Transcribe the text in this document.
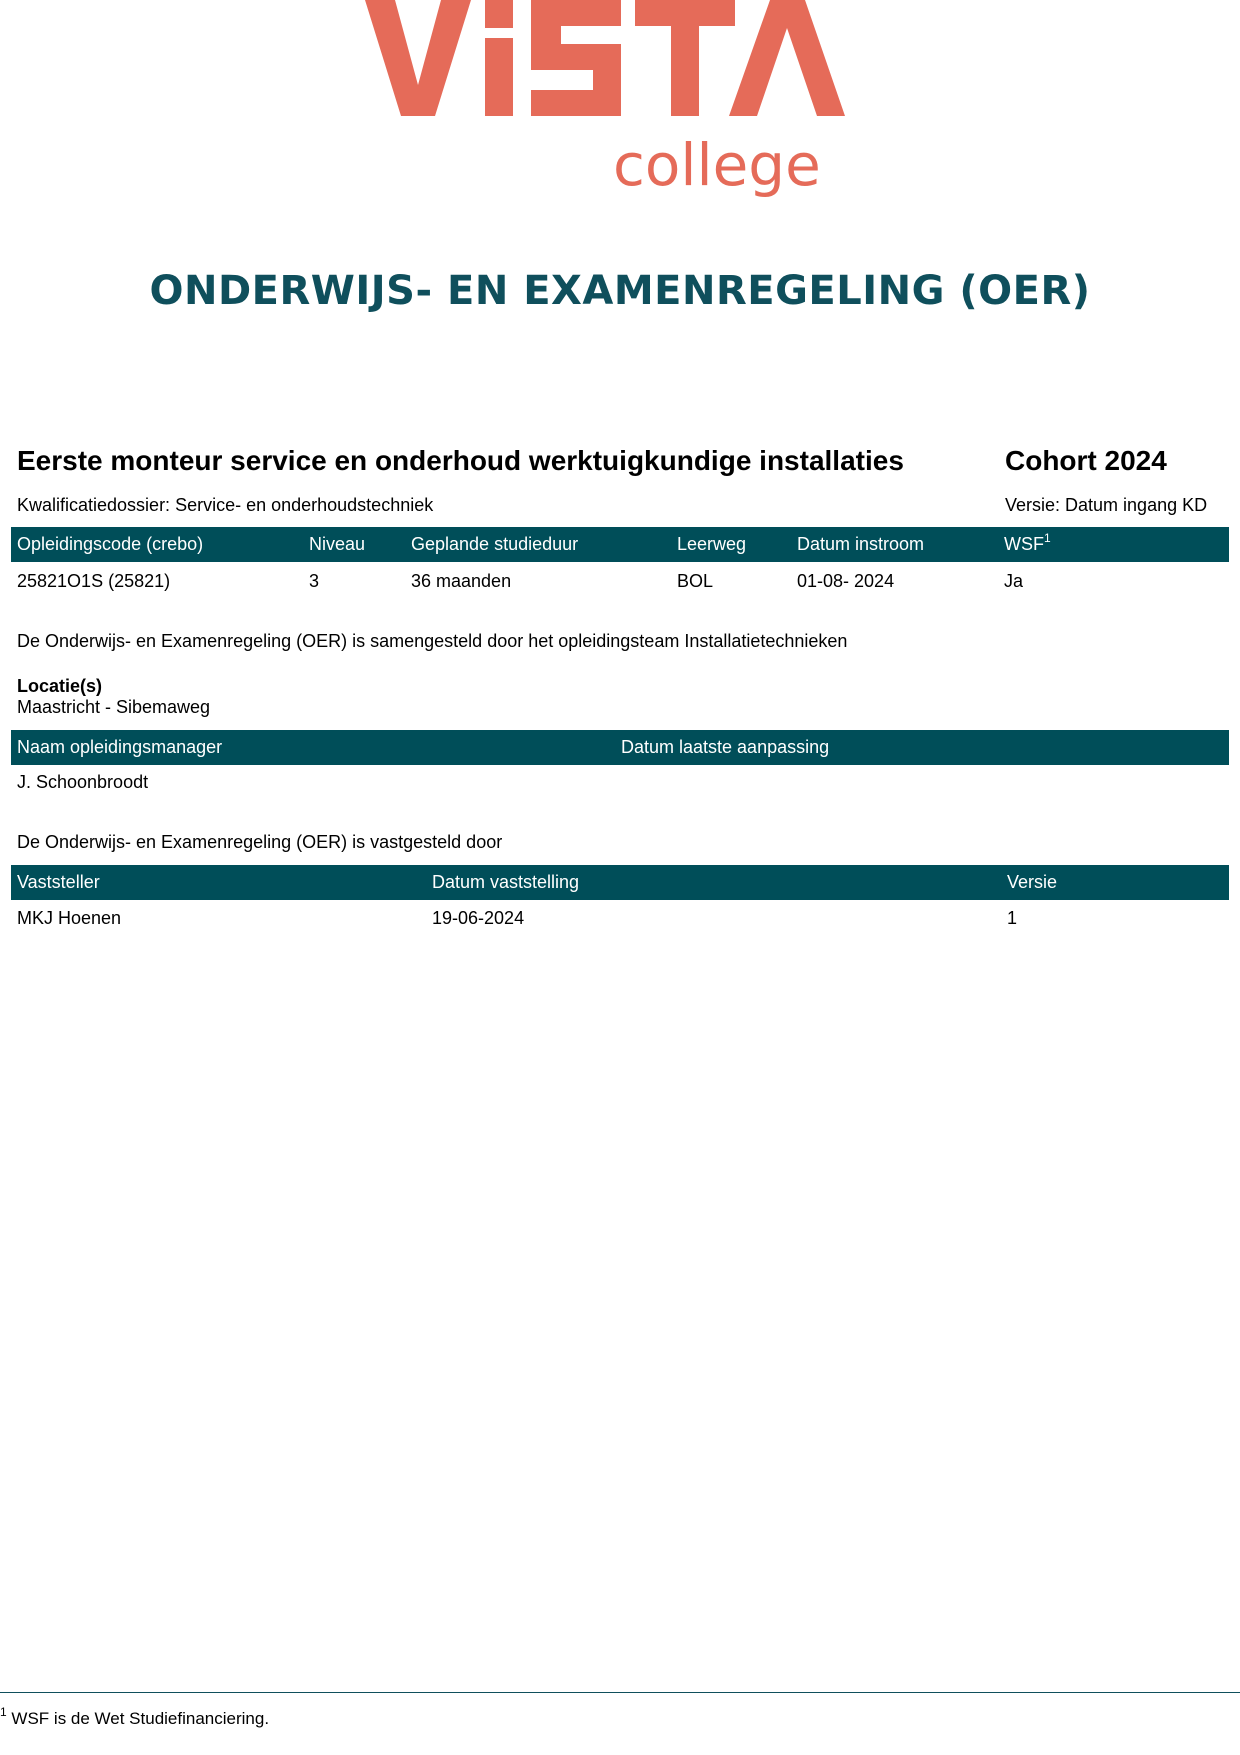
college
ONDERWIJS- EN EXAMENREGELING (OER)
Eerste monteur service en onderhoud werktuigkundige installaties	Cohort 2024
Kwalificatiedossier: Service- en onderhoudstechniek	Versie: Datum ingang KD
Opleidingscode (crebo)	Niveau	Geplande studieduur	Leerweg	Datum instroom	WSF$^1$
25821O1S (25821)	3	36 maanden	BOL	01-08- 2024	Ja
De Onderwijs- en Examenregeling (OER) is samengesteld door het opleidingsteam Installatietechnieken
Locatie(s)
Maastricht - Sibemaweg
Naam opleidingsmanager	Datum laatste aanpassing
J. Schoonbroodt
De Onderwijs- en Examenregeling (OER) is vastgesteld door
Vaststeller	Datum vaststelling	Versie
MKJ Hoenen	19-06-2024	1
$^1$ WSF is de Wet Studiefinanciering.
